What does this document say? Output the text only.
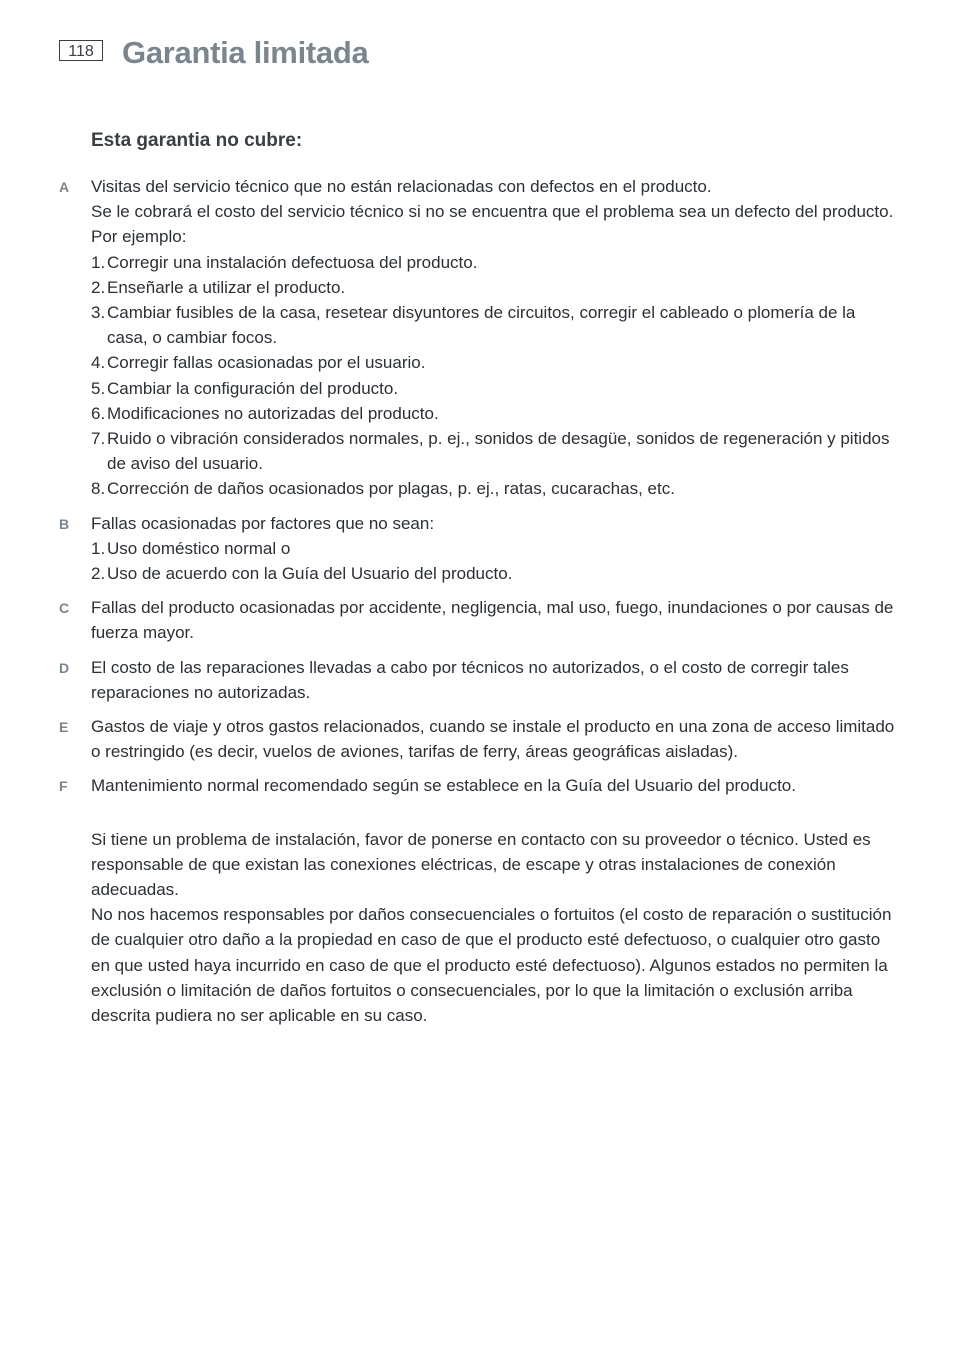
118 Garantia limitada
Esta garantia no cubre:
A Visitas del servicio técnico que no están relacionadas con defectos en el producto.

Se le cobrará el costo del servicio técnico si no se encuentra que el problema sea un defecto del producto. Por ejemplo:

1. Corregir una instalación defectuosa del producto.
2. Enseñarle a utilizar el producto.
3. Cambiar fusibles de la casa, resetear disyuntores de circuitos, corregir el cableado o plomería de la casa, o cambiar focos.
4. Corregir fallas ocasionadas por el usuario.
5. Cambiar la configuración del producto.
6. Modificaciones no autorizadas del producto.
7. Ruido o vibración considerados normales, p. ej., sonidos de desagüe, sonidos de regeneración y pitidos de aviso del usuario.
8. Corrección de daños ocasionados por plagas, p. ej., ratas, cucarachas, etc.
B Fallas ocasionadas por factores que no sean:

1. Uso doméstico normal o
2. Uso de acuerdo con la Guía del Usuario del producto.
C Fallas del producto ocasionadas por accidente, negligencia, mal uso, fuego, inundaciones o por causas de fuerza mayor.

D El costo de las reparaciones llevadas a cabo por técnicos no autorizados, o el costo de corregir tales reparaciones no autorizadas.

E Gastos de viaje y otros gastos relacionados, cuando se instale el producto en una zona de acceso limitado o restringido (es decir, vuelos de aviones, tarifas de ferry, áreas geográficas aisladas).

F Mantenimiento normal recomendado según se establece en la Guía del Usuario del producto.

Si tiene un problema de instalación, favor de ponerse en contacto con su proveedor o técnico. Usted es responsable de que existan las conexiones eléctricas, de escape y otras instalaciones de conexión adecuadas.

No nos hacemos responsables por daños consecuenciales o fortuitos (el costo de reparación o sustitución de cualquier otro daño a la propiedad en caso de que el producto esté defectuoso, o cualquier otro gasto en que usted haya incurrido en caso de que el producto esté defectuoso). Algunos estados no permiten la exclusión o limitación de daños fortuitos o consecuenciales, por lo que la limitación o exclusión arriba descrita pudiera no ser aplicable en su caso.
